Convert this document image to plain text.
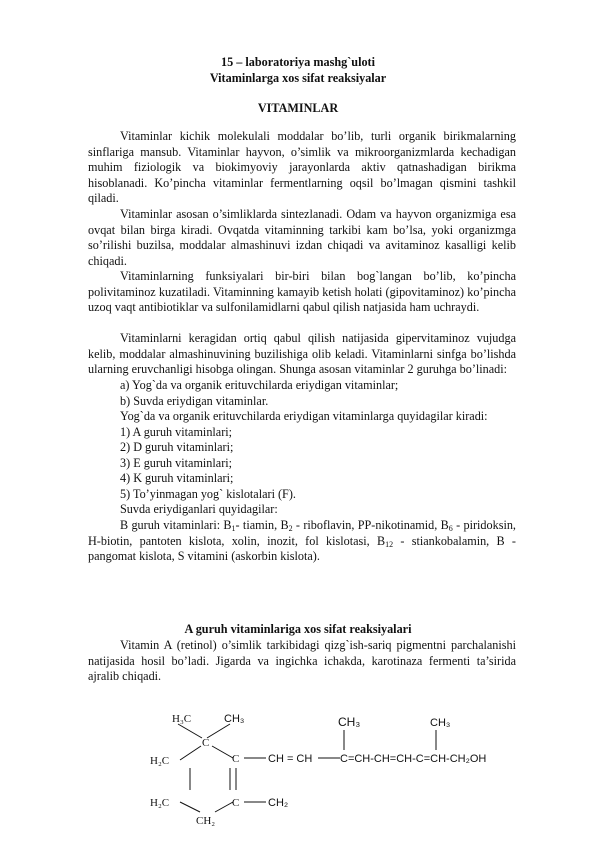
15 – laboratoriya mashg`uloti
Vitaminlarga xos sifat reaksiyalar
VITAMINLAR
Vitaminlar kichik molekulali moddalar bo’lib, turli organik birikmalarning sinflariga mansub. Vitaminlar hayvon, o’simlik va mikroorganizmlarda kechadigan muhim fiziologik va biokimyoviy jarayonlarda aktiv qatnashadigan birikma hisoblanadi. Ko’pincha vitaminlar fermentlarning oqsil bo’lmagan qismini tashkil qiladi.
Vitaminlar asosan o’simliklarda sintezlanadi. Odam va hayvon organizmiga esa ovqat bilan birga kiradi. Ovqatda vitaminning tarkibi kam bo’lsa, yoki organizmga so’rilishi buzilsa, moddalar almashinuvi izdan chiqadi va avitaminoz kasalligi kelib chiqadi.
Vitaminlarning funksiyalari bir-biri bilan bog`langan bo’lib, ko’pincha polivitaminoz kuzatiladi. Vitaminning kamayib ketish holati (gipovitaminoz) ko’pincha uzoq vaqt antibiotiklar va sulfonilamidlarni qabul qilish natjasida ham uchraydi.
Vitaminlarni keragidan ortiq qabul qilish natijasida gipervitaminoz vujudga kelib, moddalar almashinuvining buzilishiga olib keladi. Vitaminlarni sinfga bo’lishda ularning eruvchanligi hisobga olingan. Shunga asosan vitaminlar 2 guruhga bo’linadi:
a) Yog`da va organik erituvchilarda eriydigan vitaminlar;
b) Suvda eriydigan vitaminlar.
Yog`da va organik erituvchilarda eriydigan vitaminlarga quyidagilar kiradi:
1) A guruh vitaminlari;
2) D guruh vitaminlari;
3) E guruh vitaminlari;
4) K guruh vitaminlari;
5) To’yinmagan yog` kislotalari (F).
Suvda eriydiganlari quyidagilar:
B guruh vitaminlari: $B_1-$ tiamin, $B_2$ - riboflavin, PP-nikotinamid, $B_6$ - piridoksin, H-biotin, pantoten kislota, xolin, inozit, fol kislotasi, $B_{12}$ - stiankobalamin, B - pangomat kislota, S vitamini (askorbin kislota).
A guruh vitaminlariga xos sifat reaksiyalari
Vitamin A (retinol) o’simlik tarkibidagi qizg`ish-sariq pigmentni parchalanishi natijasida hosil bo’ladi. Jigarda va ingichka ichakda, karotinaza fermenti ta’sirida ajralib chiqadi.
H₃C	CH₃
C
H₂C	C	CH = CH
CH₃	CH₃
C=CH-CH=CH-C=CH-CH₂OH
H₂C	C	CH₂
CH₂
